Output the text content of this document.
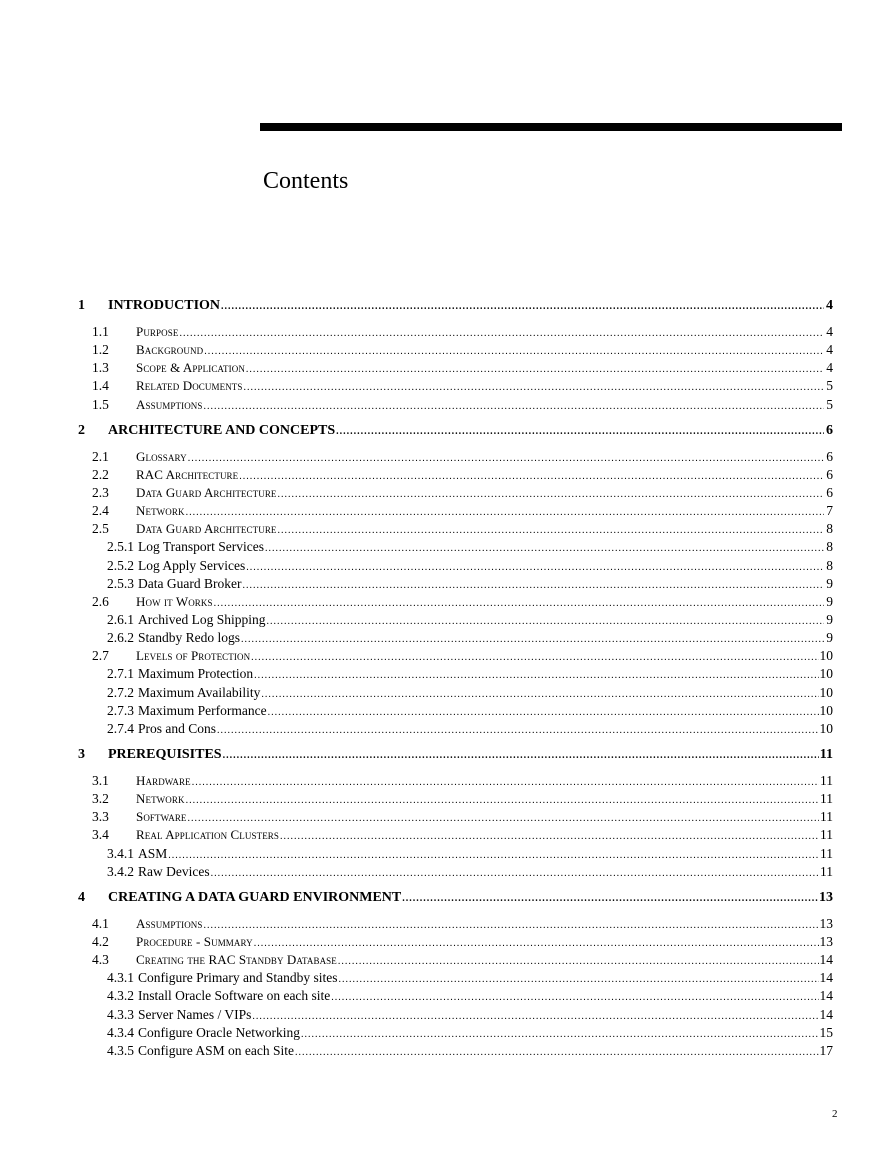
Contents
1	INTRODUCTION .....	4
1.1	Purpose .....	4
1.2	Background .....	4
1.3	Scope & Application .....	4
1.4	Related Documents .....	5
1.5	Assumptions .....	5
2	ARCHITECTURE AND CONCEPTS .....	6
2.1	Glossary .....	6
2.2	RAC Architecture .....	6
2.3	Data Guard Architecture .....	6
2.4	Network .....	7
2.5	Data Guard Architecture .....	8
2.5.1 Log Transport Services .....	8
2.5.2 Log Apply Services .....	8
2.5.3 Data Guard Broker .....	9
2.6	How it Works .....	9
2.6.1 Archived Log Shipping .....	9
2.6.2 Standby Redo logs .....	9
2.7	Levels of Protection .....	10
2.7.1 Maximum Protection .....	10
2.7.2 Maximum Availability .....	10
2.7.3 Maximum Performance .....	10
2.7.4 Pros and Cons .....	10
3	PREREQUISITES .....	11
3.1	Hardware .....	11
3.2	Network .....	11
3.3	Software .....	11
3.4	Real Application Clusters .....	11
3.4.1 ASM .....	11
3.4.2 Raw Devices .....	11
4	CREATING A DATA GUARD ENVIRONMENT .....	13
4.1	Assumptions .....	13
4.2	Procedure - Summary .....	13
4.3	Creating the RAC Standby Database .....	14
4.3.1 Configure Primary and Standby sites .....	14
4.3.2 Install Oracle Software on each site .....	14
4.3.3 Server Names / VIPs .....	14
4.3.4 Configure Oracle Networking .....	15
4.3.5 Configure ASM on each Site .....	17
2
